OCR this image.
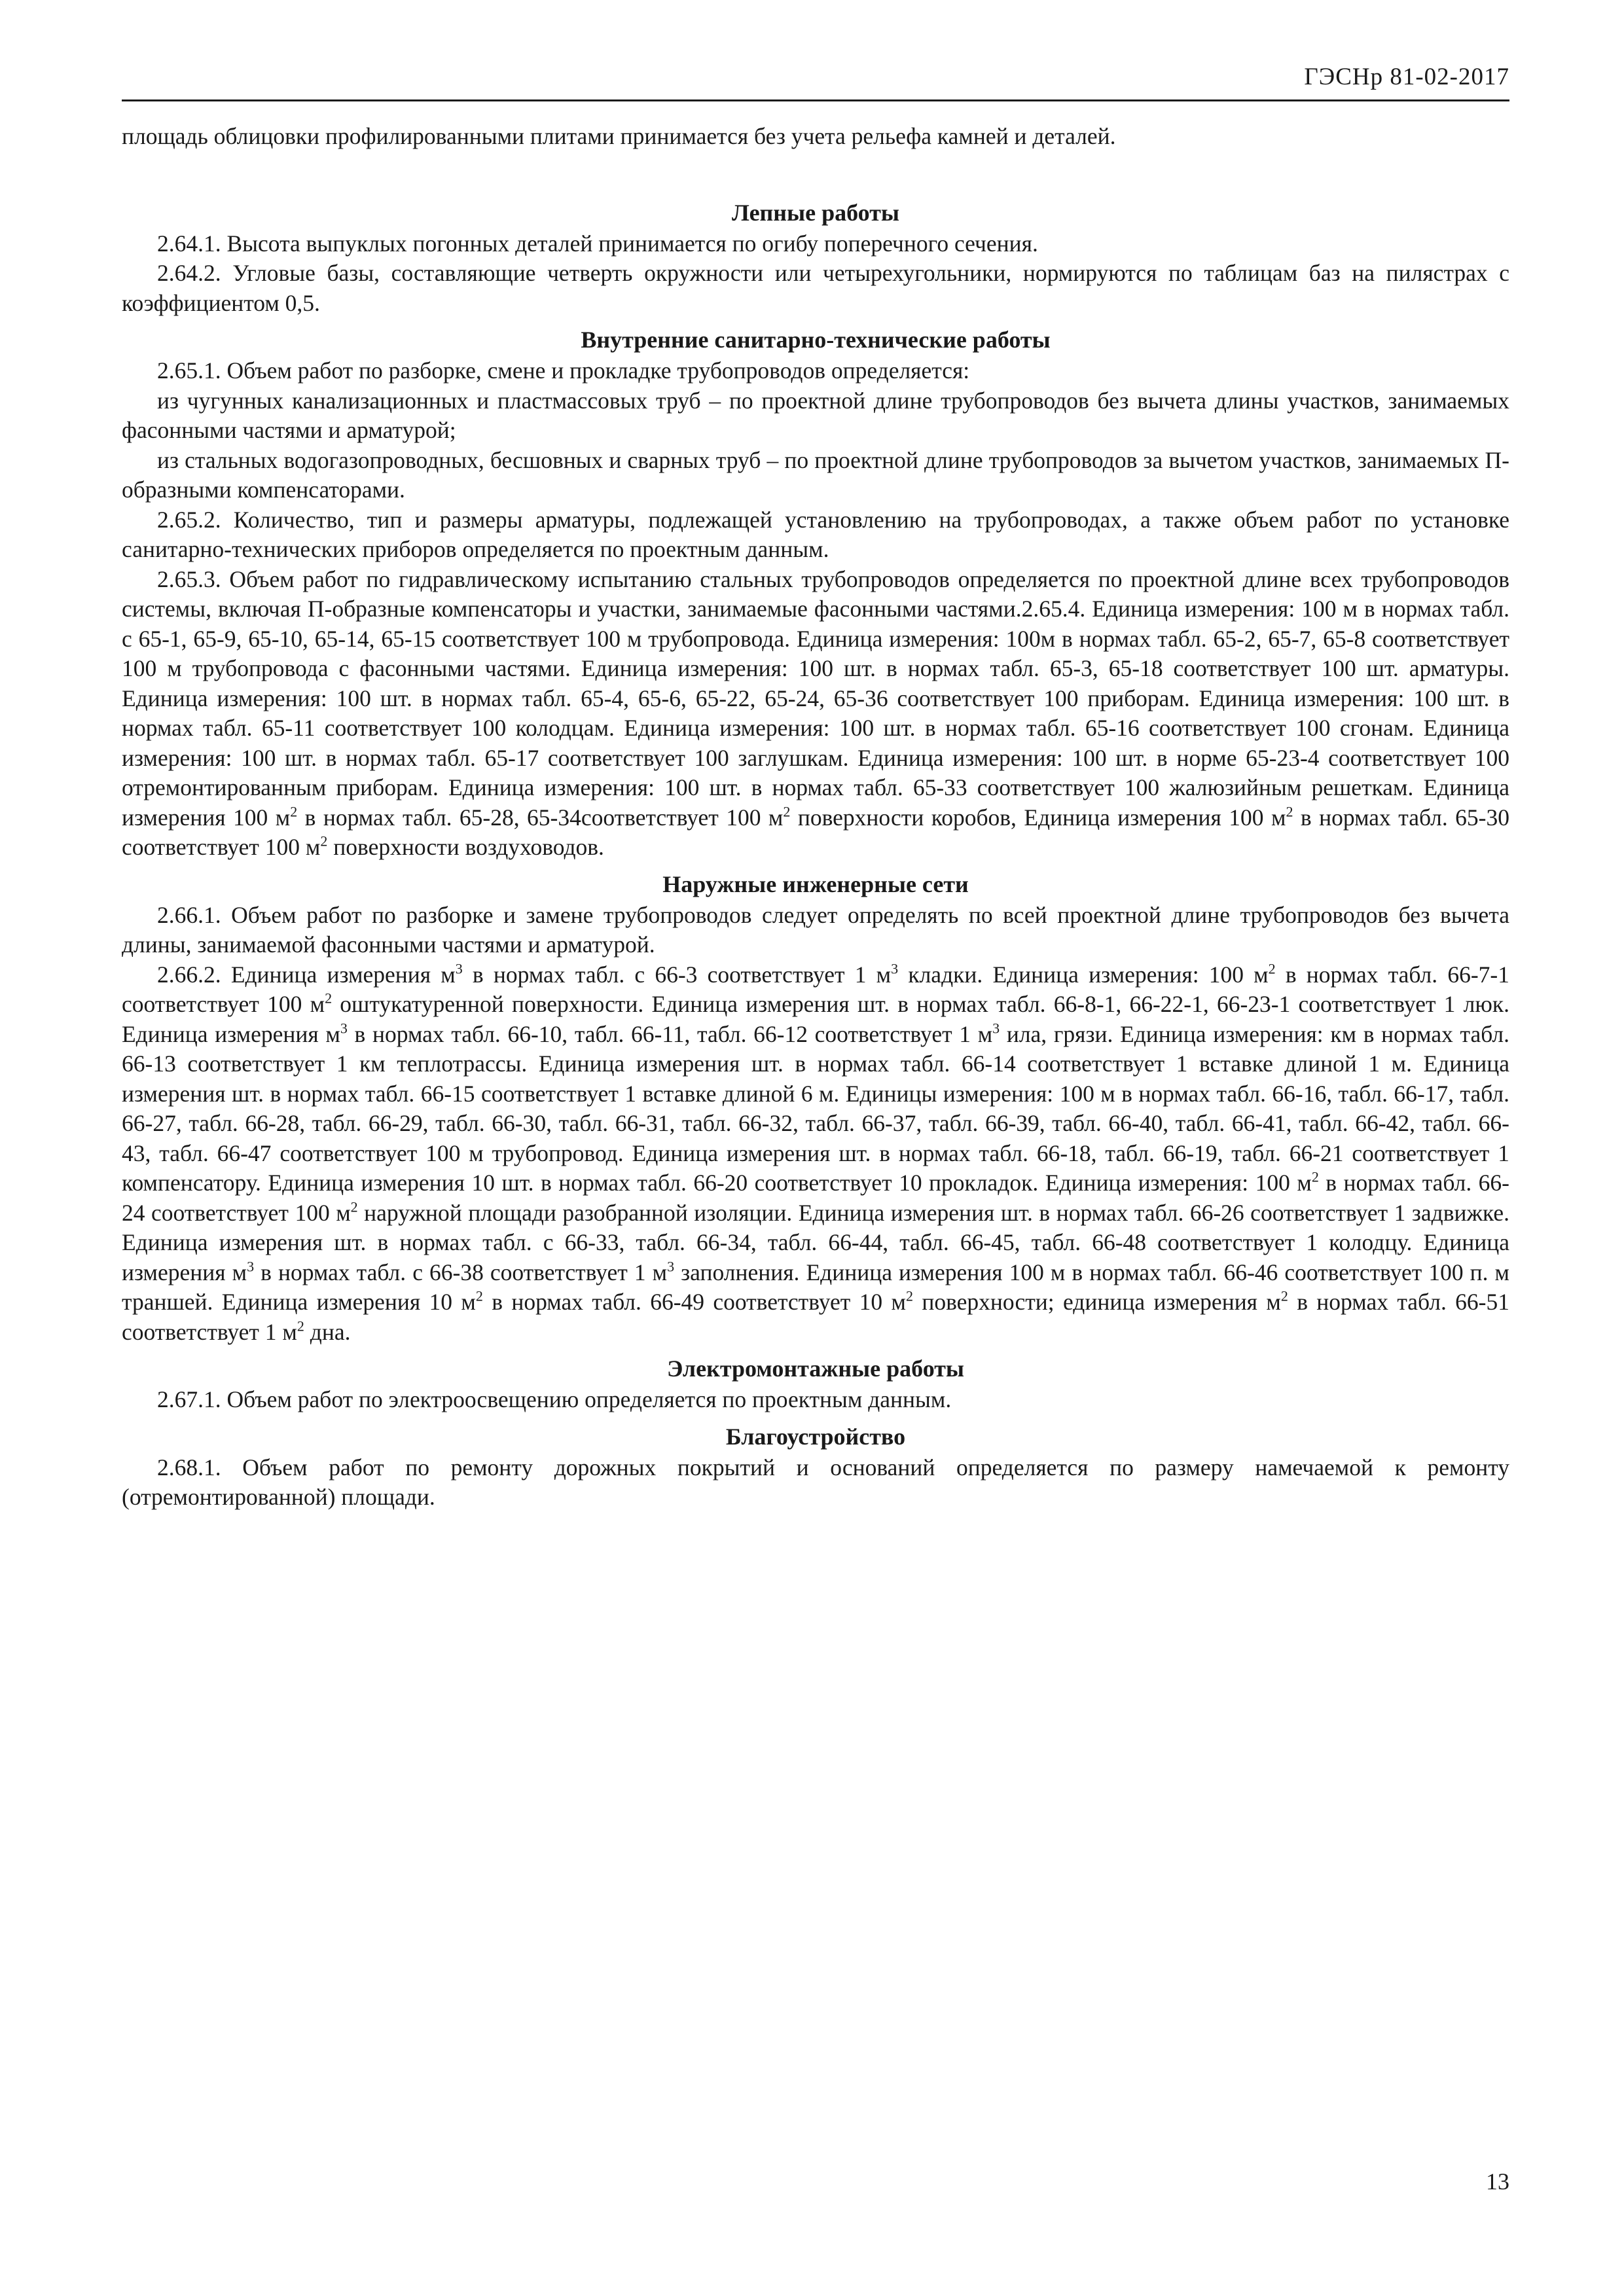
ГЭСНр 81-02-2017

площадь облицовки профилированными плитами принимается без учета рельефа камней и деталей.

Лепные работы

2.64.1. Высота выпуклых погонных деталей принимается по огибу поперечного сечения.

2.64.2. Угловые базы, составляющие четверть окружности или четырехугольники, нормируются по таблицам баз на пилястрах с коэффициентом 0,5.

Внутренние санитарно-технические работы

2.65.1. Объем работ по разборке, смене и прокладке трубопроводов определяется:

из чугунных канализационных и пластмассовых труб – по проектной длине трубопроводов без вычета длины участков, занимаемых фасонными частями и арматурой;

из стальных водогазопроводных, бесшовных и сварных труб – по проектной длине трубопроводов за вычетом участков, занимаемых П-образными компенсаторами.

2.65.2. Количество, тип и размеры арматуры, подлежащей установлению на трубопроводах, а также объем работ по установке санитарно-технических приборов определяется по проектным данным.

2.65.3. Объем работ по гидравлическому испытанию стальных трубопроводов определяется по проектной длине всех трубопроводов системы, включая П-образные компенсаторы и участки, занимаемые фасонными частями.2.65.4. Единица измерения: 100 м в нормах табл. с 65-1, 65-9, 65-10, 65-14, 65-15 соответствует 100 м трубопровода. Единица измерения: 100м в нормах табл. 65-2, 65-7, 65-8 соответствует 100 м трубопровода с фасонными частями. Единица измерения: 100 шт. в нормах табл. 65-3, 65-18 соответствует 100 шт. арматуры. Единица измерения: 100 шт. в нормах табл. 65-4, 65-6, 65-22, 65-24, 65-36 соответствует 100 приборам. Единица измерения: 100 шт. в нормах табл. 65-11 соответствует 100 колодцам. Единица измерения: 100 шт. в нормах табл. 65-16 соответствует 100 сгонам. Единица измерения: 100 шт. в нормах табл. 65-17 соответствует 100 заглушкам. Единица измерения: 100 шт. в норме 65-23-4 соответствует 100 отремонтированным приборам. Единица измерения: 100 шт. в нормах табл. 65-33 соответствует 100 жалюзийным решеткам. Единица измерения 100 $м^2$ в нормах табл. 65-28, 65-34соответствует 100 $м^2$ поверхности коробов, Единица измерения 100 $м^2$ в нормах табл. 65-30 соответствует 100 $м^2$ поверхности воздуховодов.

Наружные инженерные сети

2.66.1. Объем работ по разборке и замене трубопроводов следует определять по всей проектной длине трубопроводов без вычета длины, занимаемой фасонными частями и арматурой.

2.66.2. Единица измерения $м^3$ в нормах табл. с 66-3 соответствует 1 $м^3$ кладки. Единица измерения: 100 $м^2$ в нормах табл. 66-7-1 соответствует 100 $м^2$ оштукатуренной поверхности. Единица измерения шт. в нормах табл. 66-8-1, 66-22-1, 66-23-1 соответствует 1 люк. Единица измерения $м^3$ в нормах табл. 66-10, табл. 66-11, табл. 66-12 соответствует 1 $м^3$ ила, грязи. Единица измерения: км в нормах табл. 66-13 соответствует 1 км теплотрассы. Единица измерения шт. в нормах табл. 66-14 соответствует 1 вставке длиной 1 м. Единица измерения шт. в нормах табл. 66-15 соответствует 1 вставке длиной 6 м. Единицы измерения: 100 м в нормах табл. 66-16, табл. 66-17, табл. 66-27, табл. 66-28, табл. 66-29, табл. 66-30, табл. 66-31, табл. 66-32, табл. 66-37, табл. 66-39, табл. 66-40, табл. 66-41, табл. 66-42, табл. 66-43, табл. 66-47 соответствует 100 м трубопровод. Единица измерения шт. в нормах табл. 66-18, табл. 66-19, табл. 66-21 соответствует 1 компенсатору. Единица измерения 10 шт. в нормах табл. 66-20 соответствует 10 прокладок. Единица измерения: 100 $м^2$ в нормах табл. 66-24 соответствует 100 $м^2$ наружной площади разобранной изоляции. Единица измерения шт. в нормах табл. 66-26 соответствует 1 задвижке. Единица измерения шт. в нормах табл. с 66-33, табл. 66-34, табл. 66-44, табл. 66-45, табл. 66-48 соответствует 1 колодцу. Единица измерения $м^3$ в нормах табл. с 66-38 соответствует 1 $м^3$ заполнения. Единица измерения 100 м в нормах табл. 66-46 соответствует 100 п. м траншей. Единица измерения 10 $м^2$ в нормах табл. 66-49 соответствует 10 $м^2$ поверхности; единица измерения $м^2$ в нормах табл. 66-51 соответствует 1 $м^2$ дна.

Электромонтажные работы

2.67.1. Объем работ по электроосвещению определяется по проектным данным.

Благоустройство

2.68.1. Объем работ по ремонту дорожных покрытий и оснований определяется по размеру намечаемой к ремонту (отремонтированной) площади.

13
